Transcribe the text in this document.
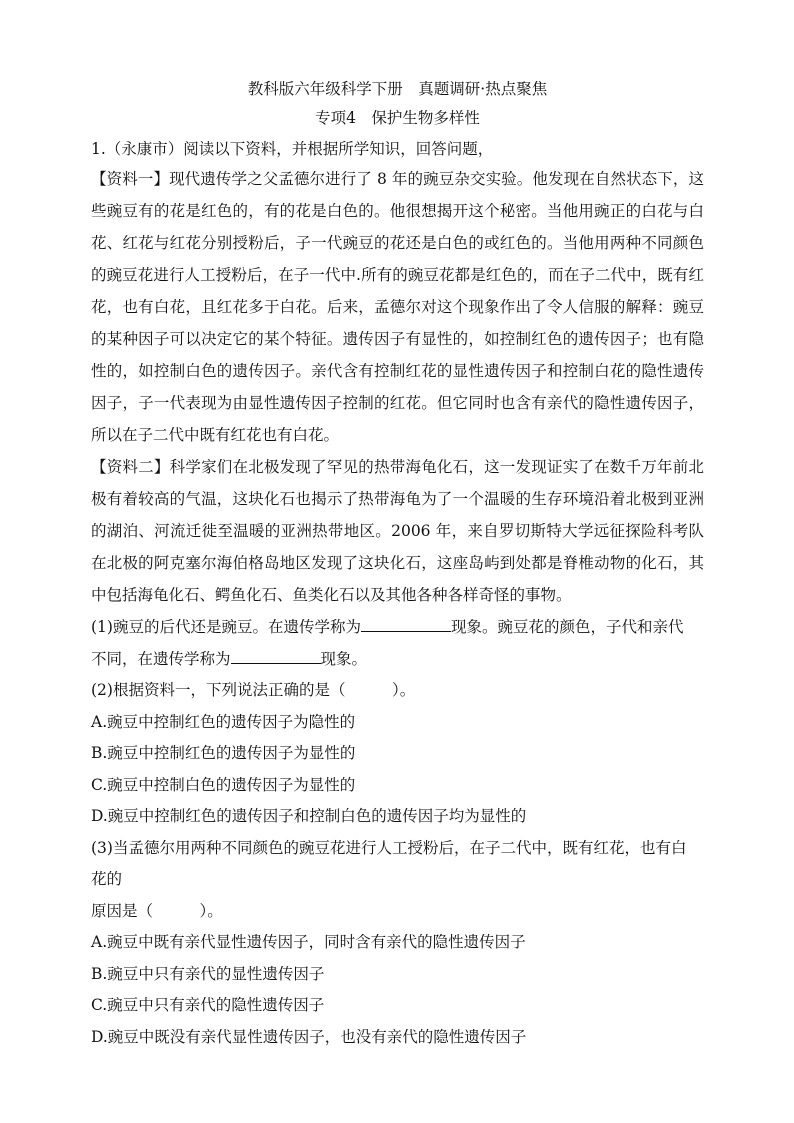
教科版六年级科学下册　真题调研·热点聚焦

专项4　保护生物多样性

1.（永康市）阅读以下资料，并根据所学知识，回答问题，

【资料一】现代遗传学之父孟德尔进行了 8 年的豌豆杂交实验。他发现在自然状态下，这些豌豆有的花是红色的，有的花是白色的。他很想揭开这个秘密。当他用豌正的白花与白花、红花与红花分别授粉后，子一代豌豆的花还是白色的或红色的。当他用两种不同颜色的豌豆花进行人工授粉后，在子一代中.所有的豌豆花都是红色的，而在子二代中，既有红花，也有白花，且红花多于白花。后来，孟德尔对这个现象作出了令人信服的解释：豌豆的某种因子可以决定它的某个特征。遗传因子有显性的，如控制红色的遗传因子；也有隐性的，如控制白色的遗传因子。亲代含有控制红花的显性遗传因子和控制白花的隐性遗传因子，子一代表现为由显性遗传因子控制的红花。但它同时也含有亲代的隐性遗传因子，所以在子二代中既有红花也有白花。

【资料二】科学家们在北极发现了罕见的热带海龟化石，这一发现证实了在数千万年前北极有着较高的气温，这块化石也揭示了热带海龟为了一个温暖的生存环境沿着北极到亚洲的湖泊、河流迁徙至温暖的亚洲热带地区。2006 年，来自罗切斯特大学远征探险科考队在北极的阿克塞尔海伯格岛地区发现了这块化石，这座岛屿到处都是脊椎动物的化石，其中包括海龟化石、鳄鱼化石、鱼类化石以及其他各种各样奇怪的事物。

(1)豌豆的后代还是豌豆。在遗传学称为	现象。豌豆花的颜色，子代和亲代

不同，在遗传学称为	现象。

(2)根据资料一，下列说法正确的是（　　　）。

A.豌豆中控制红色的遗传因子为隐性的

B.豌豆中控制红色的遗传因子为显性的

C.豌豆中控制白色的遗传因子为显性的

D.豌豆中控制红色的遗传因子和控制白色的遗传因子均为显性的

(3)当孟德尔用两种不同颜色的豌豆花进行人工授粉后，在子二代中，既有红花，也有白

花的

原因是（　　　）。

A.豌豆中既有亲代显性遗传因子，同时含有亲代的隐性遗传因子

B.豌豆中只有亲代的显性遗传因子

C.豌豆中只有亲代的隐性遗传因子

D.豌豆中既没有亲代显性遗传因子，也没有亲代的隐性遗传因子
